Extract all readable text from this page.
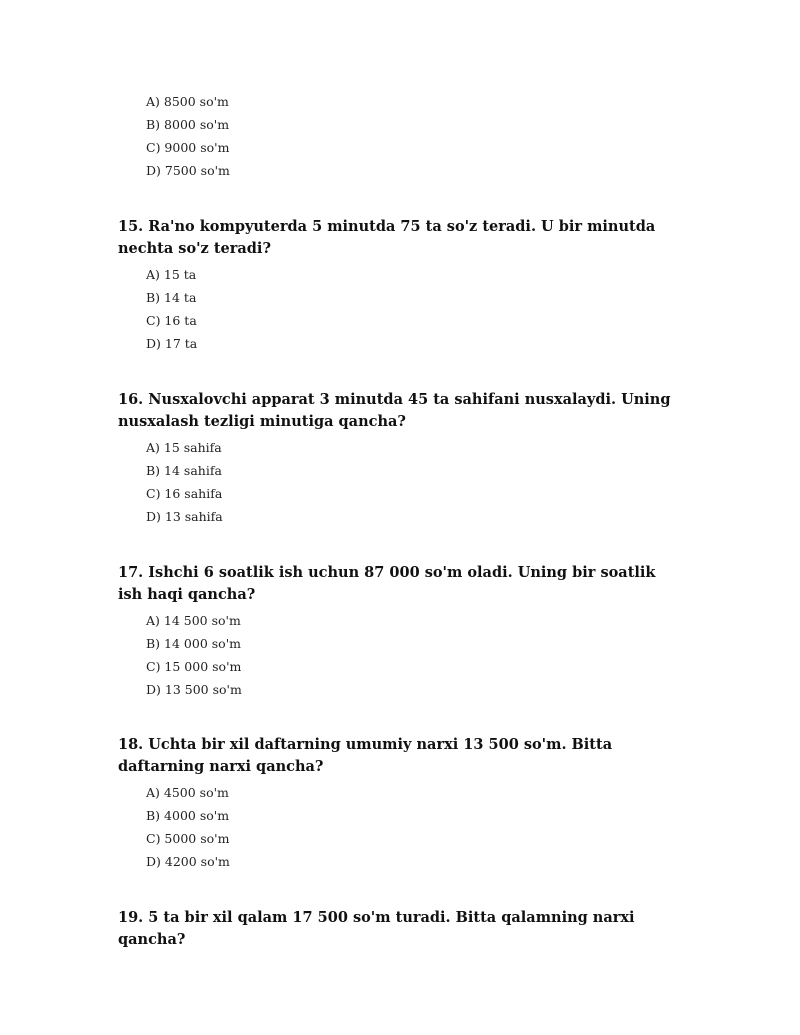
A) 8500 so'm
B) 8000 so'm
C) 9000 so'm
D) 7500 so'm

15. Ra'no kompyuterda 5 minutda 75 ta so'z teradi. U bir minutda nechta so'z teradi?

A) 15 ta
B) 14 ta
C) 16 ta
D) 17 ta

16. Nusxalovchi apparat 3 minutda 45 ta sahifani nusxalaydi. Uning nusxalash tezligi minutiga qancha?

A) 15 sahifa
B) 14 sahifa
C) 16 sahifa
D) 13 sahifa

17. Ishchi 6 soatlik ish uchun 87 000 so'm oladi. Uning bir soatlik ish haqi qancha?

A) 14 500 so'm
B) 14 000 so'm
C) 15 000 so'm
D) 13 500 so'm

18. Uchta bir xil daftarning umumiy narxi 13 500 so'm. Bitta daftarning narxi qancha?

A) 4500 so'm
B) 4000 so'm
C) 5000 so'm
D) 4200 so'm

19. 5 ta bir xil qalam 17 500 so'm turadi. Bitta qalamning narxi qancha?
